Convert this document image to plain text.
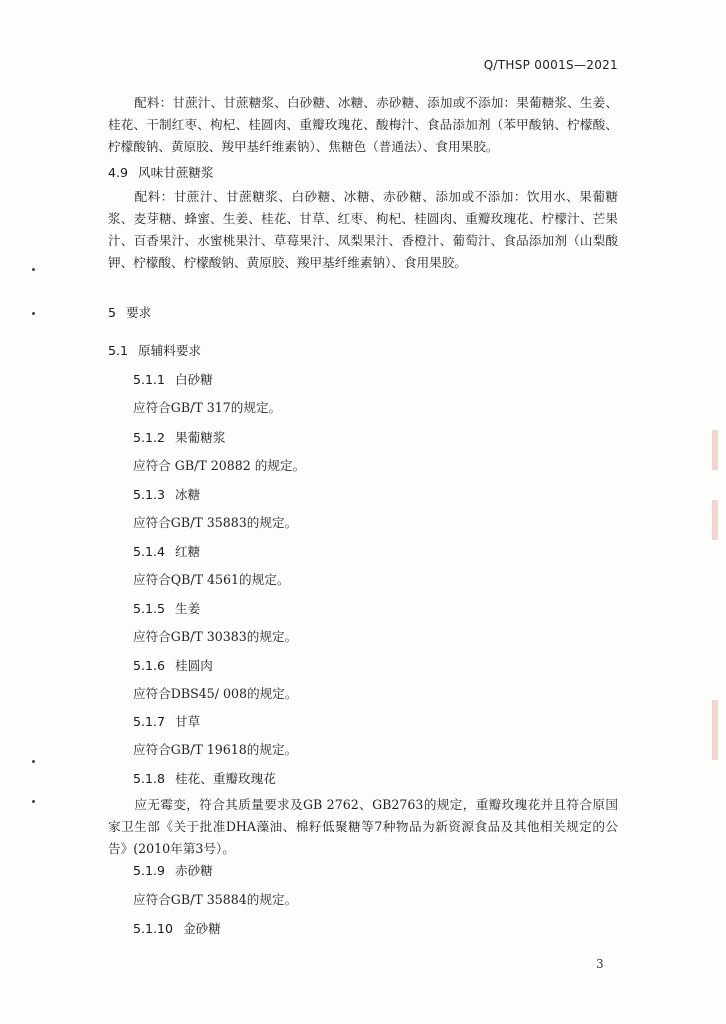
Q/THSP 0001S—2021

配料：甘蔗汁、甘蔗糖浆、白砂糖、冰糖、赤砂糖、添加或不添加：果葡糖浆、生姜、桂花、干制红枣、枸杞、桂圆肉、重瓣玫瑰花、酸梅汁、食品添加剂（苯甲酸钠、柠檬酸、柠檬酸钠、黄原胶、羧甲基纤维素钠）、焦糖色（普通法）、食用果胶。

4.9 风味甘蔗糖浆

配料：甘蔗汁、甘蔗糖浆、白砂糖、冰糖、赤砂糖、添加或不添加：饮用水、果葡糖浆、麦芽糖、蜂蜜、生姜、桂花、甘草、红枣、枸杞、桂圆肉、重瓣玫瑰花、柠檬汁、芒果汁、百香果汁、水蜜桃果汁、草莓果汁、凤梨果汁、香橙汁、葡萄汁、食品添加剂（山梨酸钾、柠檬酸、柠檬酸钠、黄原胶、羧甲基纤维素钠）、食用果胶。

5 要求
5.1 原辅料要求
5.1.1 白砂糖
应符合GB/T 317的规定。
5.1.2 果葡糖浆
应符合 GB/T 20882 的规定。
5.1.3 冰糖
应符合GB/T 35883的规定。
5.1.4 红糖
应符合QB/T 4561的规定。
5.1.5 生姜
应符合GB/T 30383的规定。
5.1.6 桂圆肉
应符合DBS45/ 008的规定。
5.1.7 甘草
应符合GB/T 19618的规定。
5.1.8 桂花、重瓣玫瑰花

应无霉变，符合其质量要求及GB 2762、GB2763的规定，重瓣玫瑰花并且符合原国家卫生部《关于批准DHA藻油、棉籽低聚糖等7种物品为新资源食品及其他相关规定的公告》(2010年第3号）。

5.1.9 赤砂糖
应符合GB/T 35884的规定。
5.1.10 金砂糖
3
